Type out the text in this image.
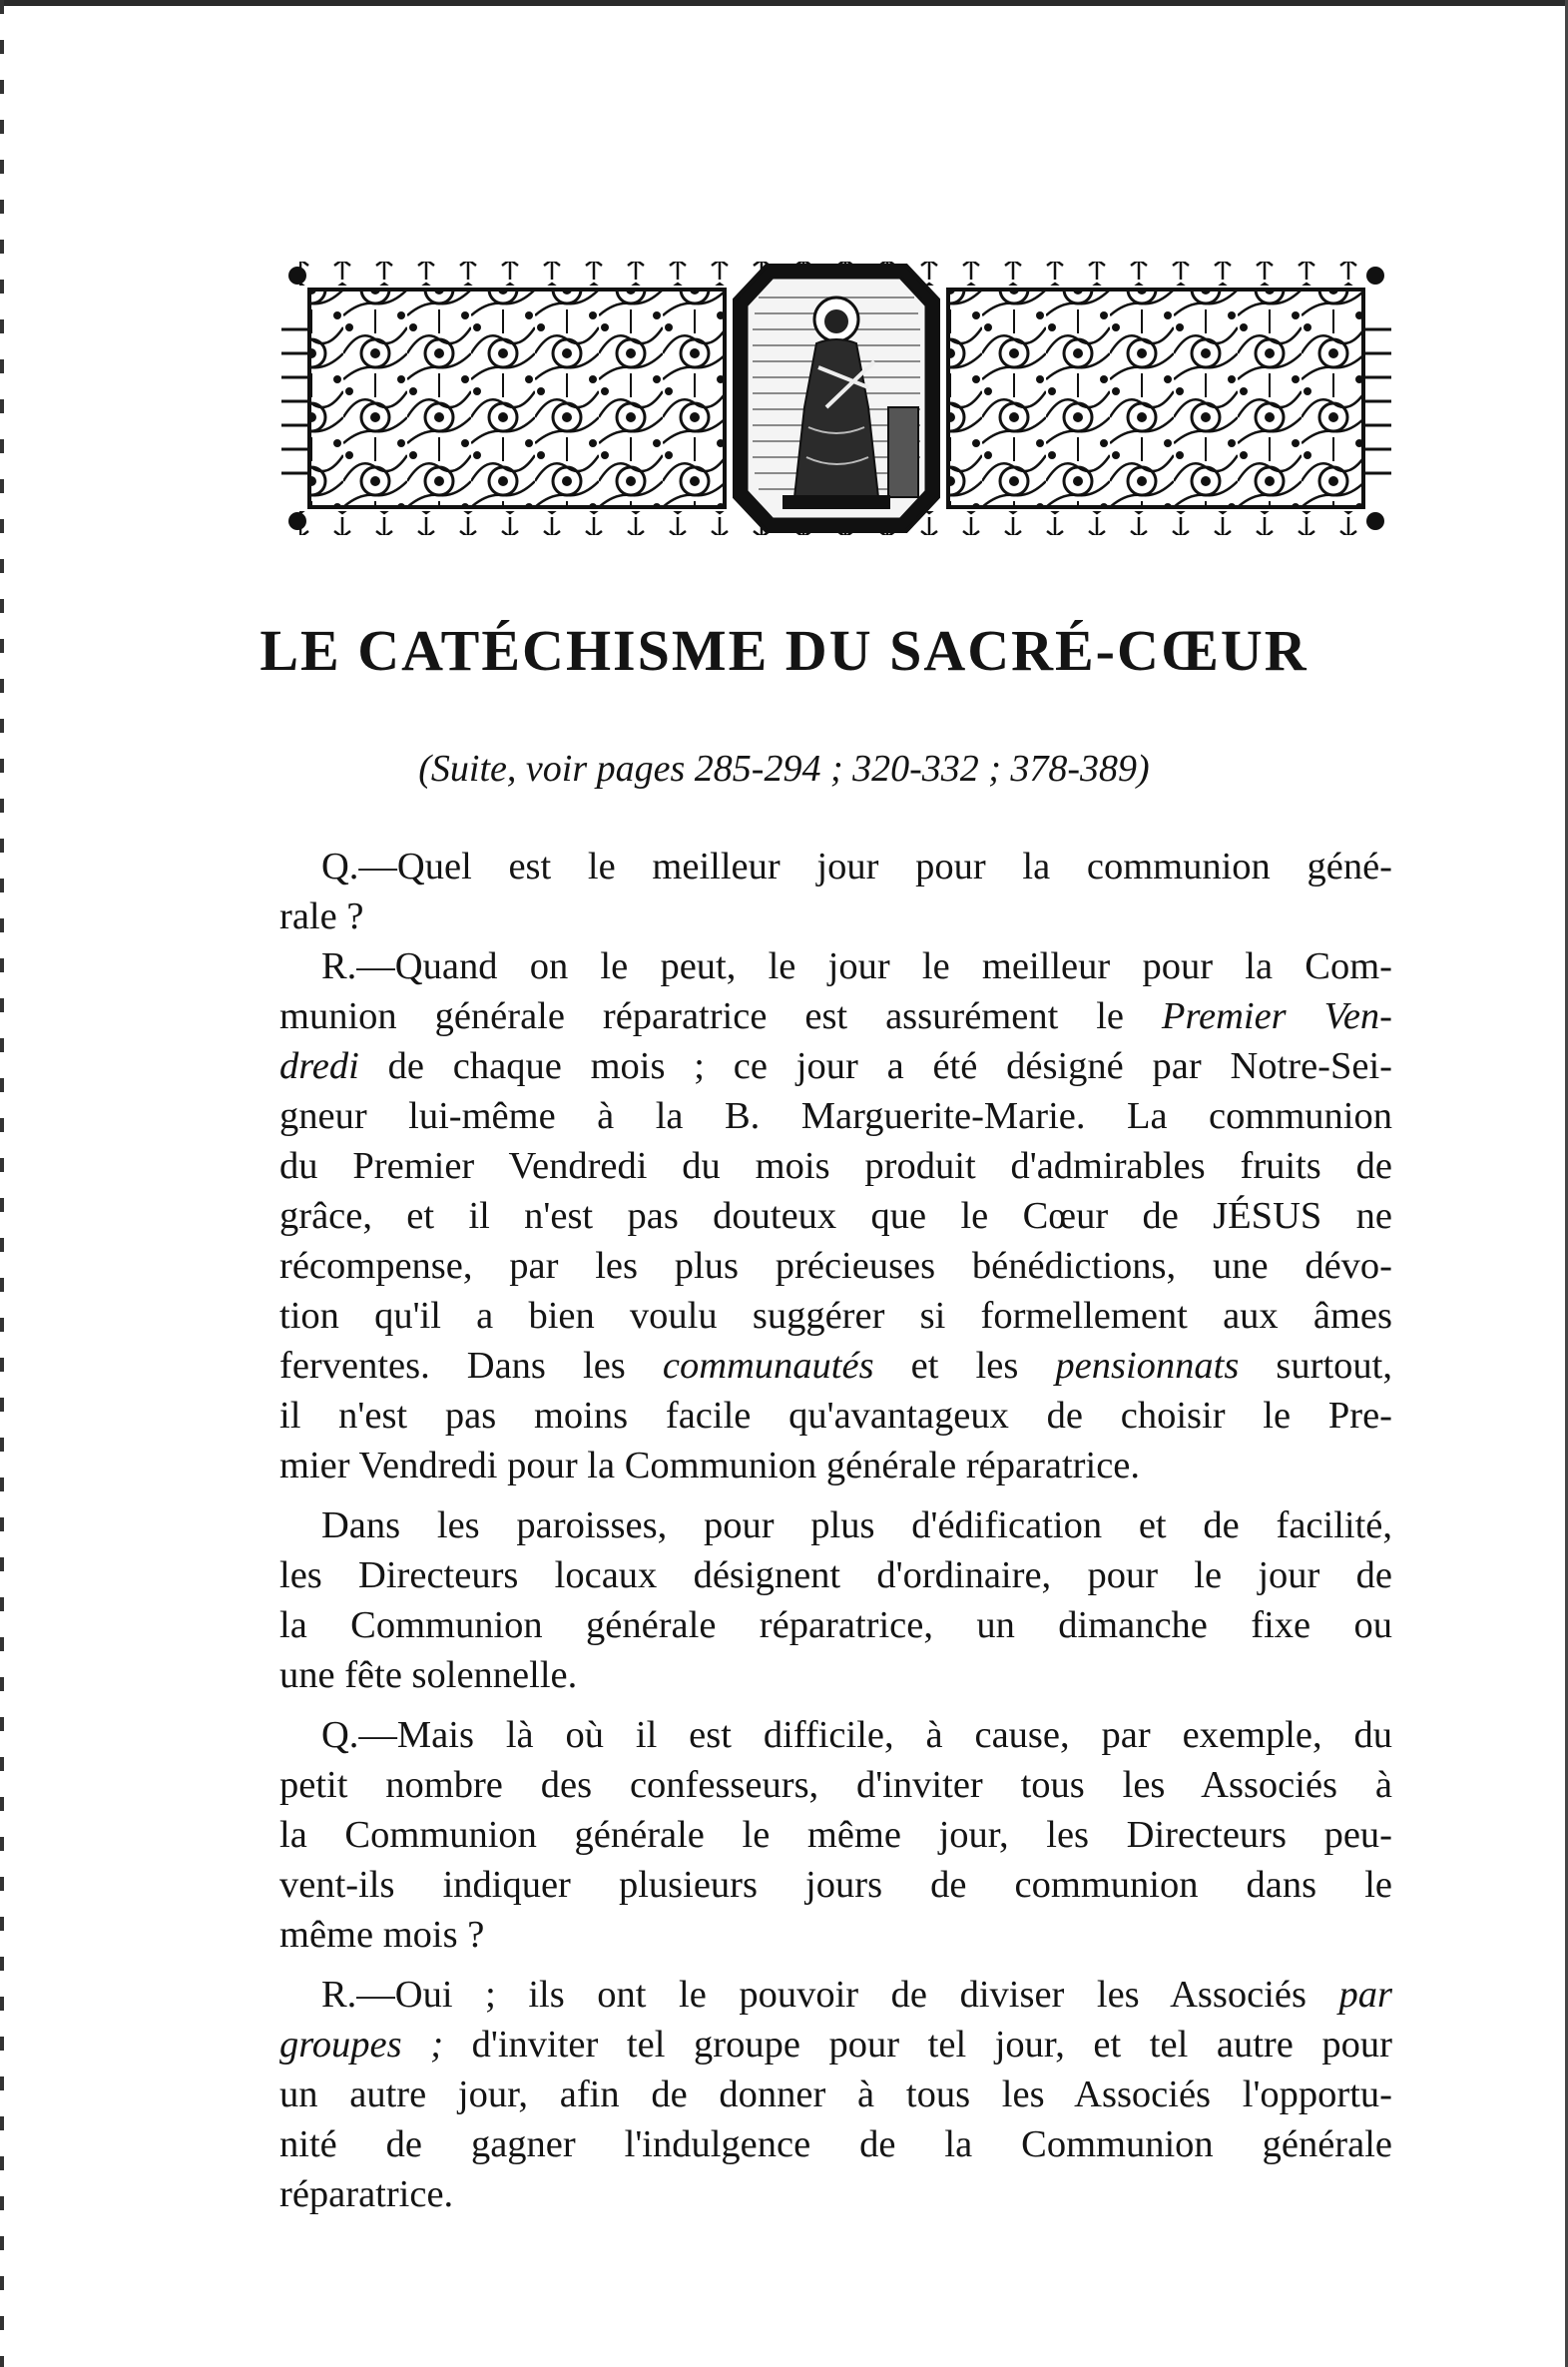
LE CATÉCHISME DU SACRÉ-CŒUR

(Suite, voir pages 285-294 ; 320-332 ; 378-389)

Q.—Quel est le meilleur jour pour la communion géné-
rale ?
R.—Quand on le peut, le jour le meilleur pour la Com-
munion générale réparatrice est assurément le Premier Ven-
dredi de chaque mois ; ce jour a été désigné par Notre-Sei-
gneur lui-même à la B. Marguerite-Marie. La communion
du Premier Vendredi du mois produit d'admirables fruits de
grâce, et il n'est pas douteux que le Cœur de JÉSUS ne
récompense, par les plus précieuses bénédictions, une dévo-
tion qu'il a bien voulu suggérer si formellement aux âmes
ferventes. Dans les communautés et les pensionnats surtout,
il n'est pas moins facile qu'avantageux de choisir le Pre-
mier Vendredi pour la Communion générale réparatrice.
Dans les paroisses, pour plus d'édification et de facilité,
les Directeurs locaux désignent d'ordinaire, pour le jour de
la Communion générale réparatrice, un dimanche fixe ou
une fête solennelle.
Q.—Mais là où il est difficile, à cause, par exemple, du
petit nombre des confesseurs, d'inviter tous les Associés à
la Communion générale le même jour, les Directeurs peu-
vent-ils indiquer plusieurs jours de communion dans le
même mois ?
R.—Oui ; ils ont le pouvoir de diviser les Associés par
groupes ; d'inviter tel groupe pour tel jour, et tel autre pour
un autre jour, afin de donner à tous les Associés l'opportu-
nité de gagner l'indulgence de la Communion générale
réparatrice.
